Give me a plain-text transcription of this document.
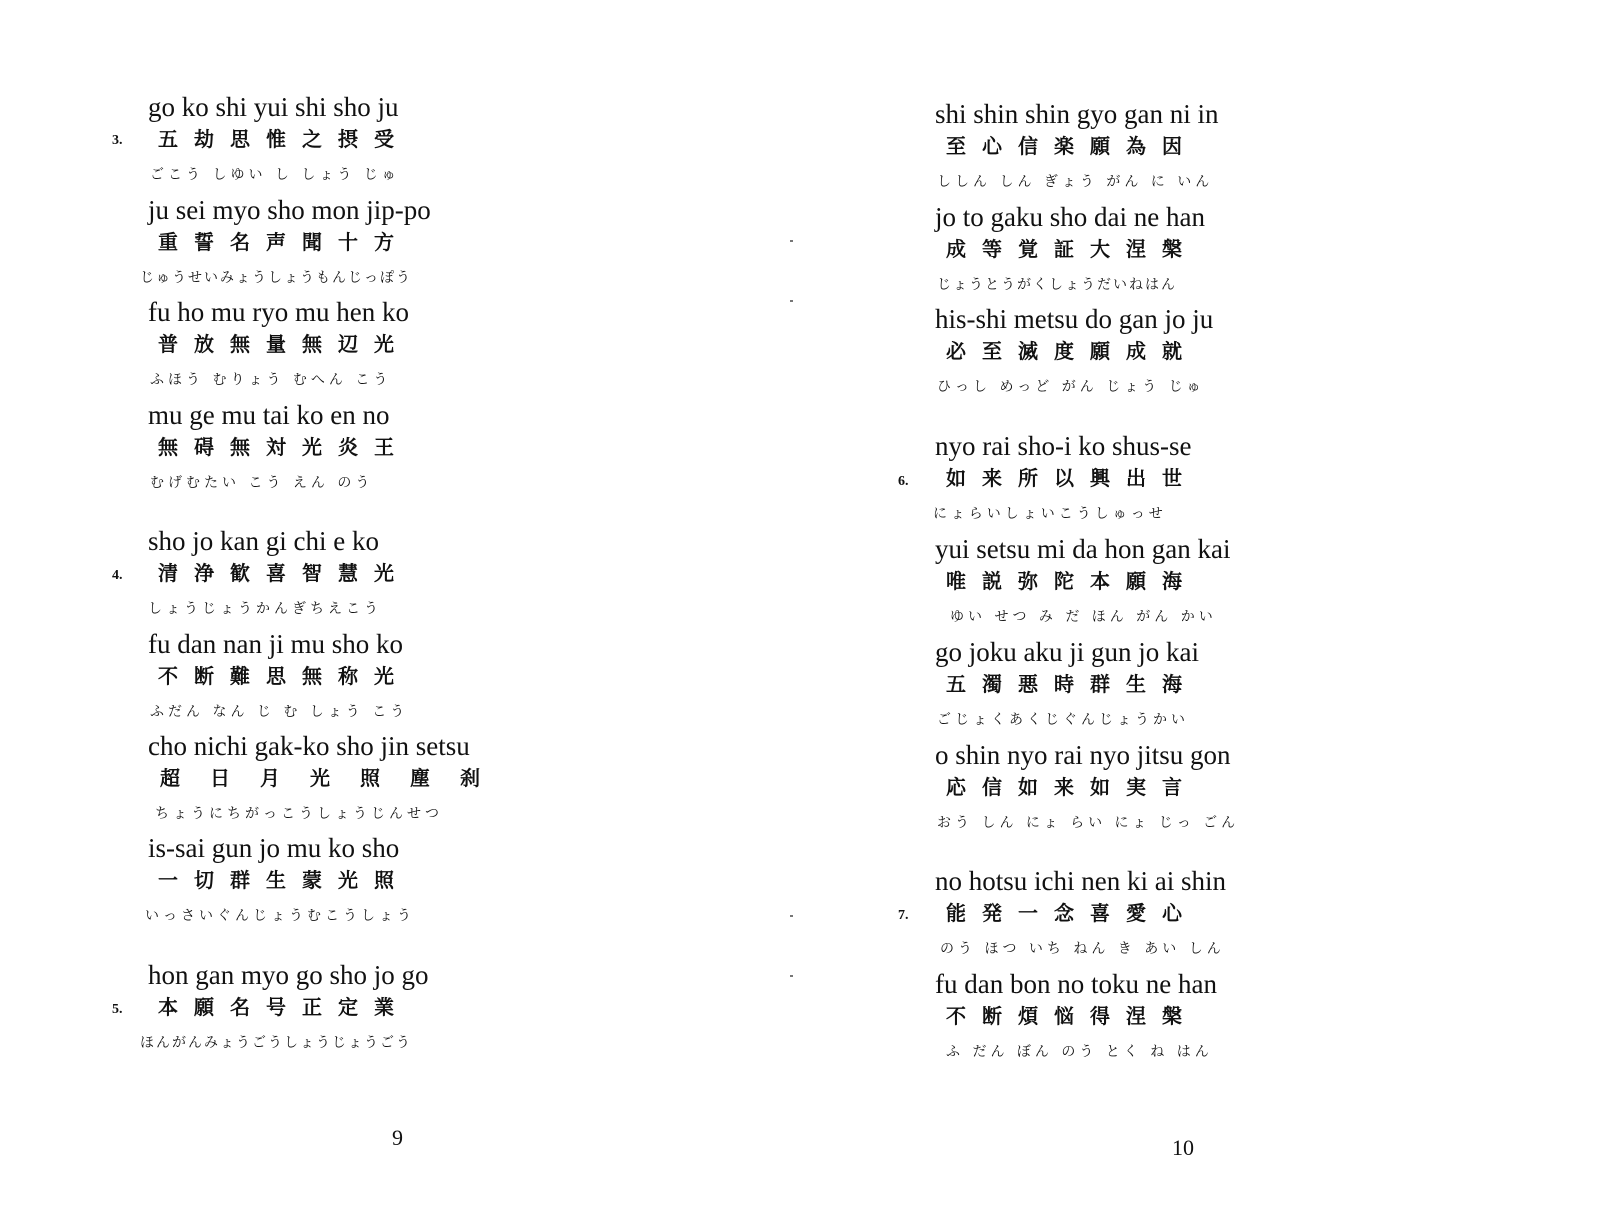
3.
go ko shi yui shi sho ju
五劫思惟之摂受
ごこう しゆい し しょう じゅ
ju sei myo sho mon jip-po
重誓名声聞十方
じゅうせいみょうしょうもんじっぽう
fu ho mu ryo mu hen ko
普放無量無辺光
ふほう むりょう むへん こう
mu ge mu tai ko en no
無碍無対光炎王
むげむたい こう えん のう
4.
sho jo kan gi chi e ko
清浄歓喜智慧光
しょうじょうかんぎちえこう
fu dan nan ji mu sho ko
不断難思無称光
ふだん なん じ む しょう こう
cho nichi gak-ko sho jin setsu
超日月光照塵刹
ちょうにちがっこうしょうじんせつ
is-sai gun jo mu ko sho
一切群生蒙光照
いっさいぐんじょうむこうしょう
5.
hon gan myo go sho jo go
本願名号正定業
ほんがんみょうごうしょうじょうごう
9
shi shin shin gyo gan ni in
至心信楽願為因
ししん しん ぎょう がん に いん
jo to gaku sho dai ne han
成等覚証大涅槃
じょうとうがくしょうだいねはん
his-shi metsu do gan jo ju
必至滅度願成就
ひっし めっど がん じょう じゅ
6.
nyo rai sho-i ko shus-se
如来所以興出世
にょらいしょいこうしゅっせ
yui setsu mi da hon gan kai
唯説弥陀本願海
ゆい せつ み だ ほん がん かい
go joku aku ji gun jo kai
五濁悪時群生海
ごじょくあくじぐんじょうかい
o shin nyo rai nyo jitsu gon
応信如来如実言
おう しん にょ らい にょ じっ ごん
7.
no hotsu ichi nen ki ai shin
能発一念喜愛心
のう ほつ いち ねん き あい しん
fu dan bon no toku ne han
不断煩悩得涅槃
ふ だん ぼん のう とく ね はん
10
